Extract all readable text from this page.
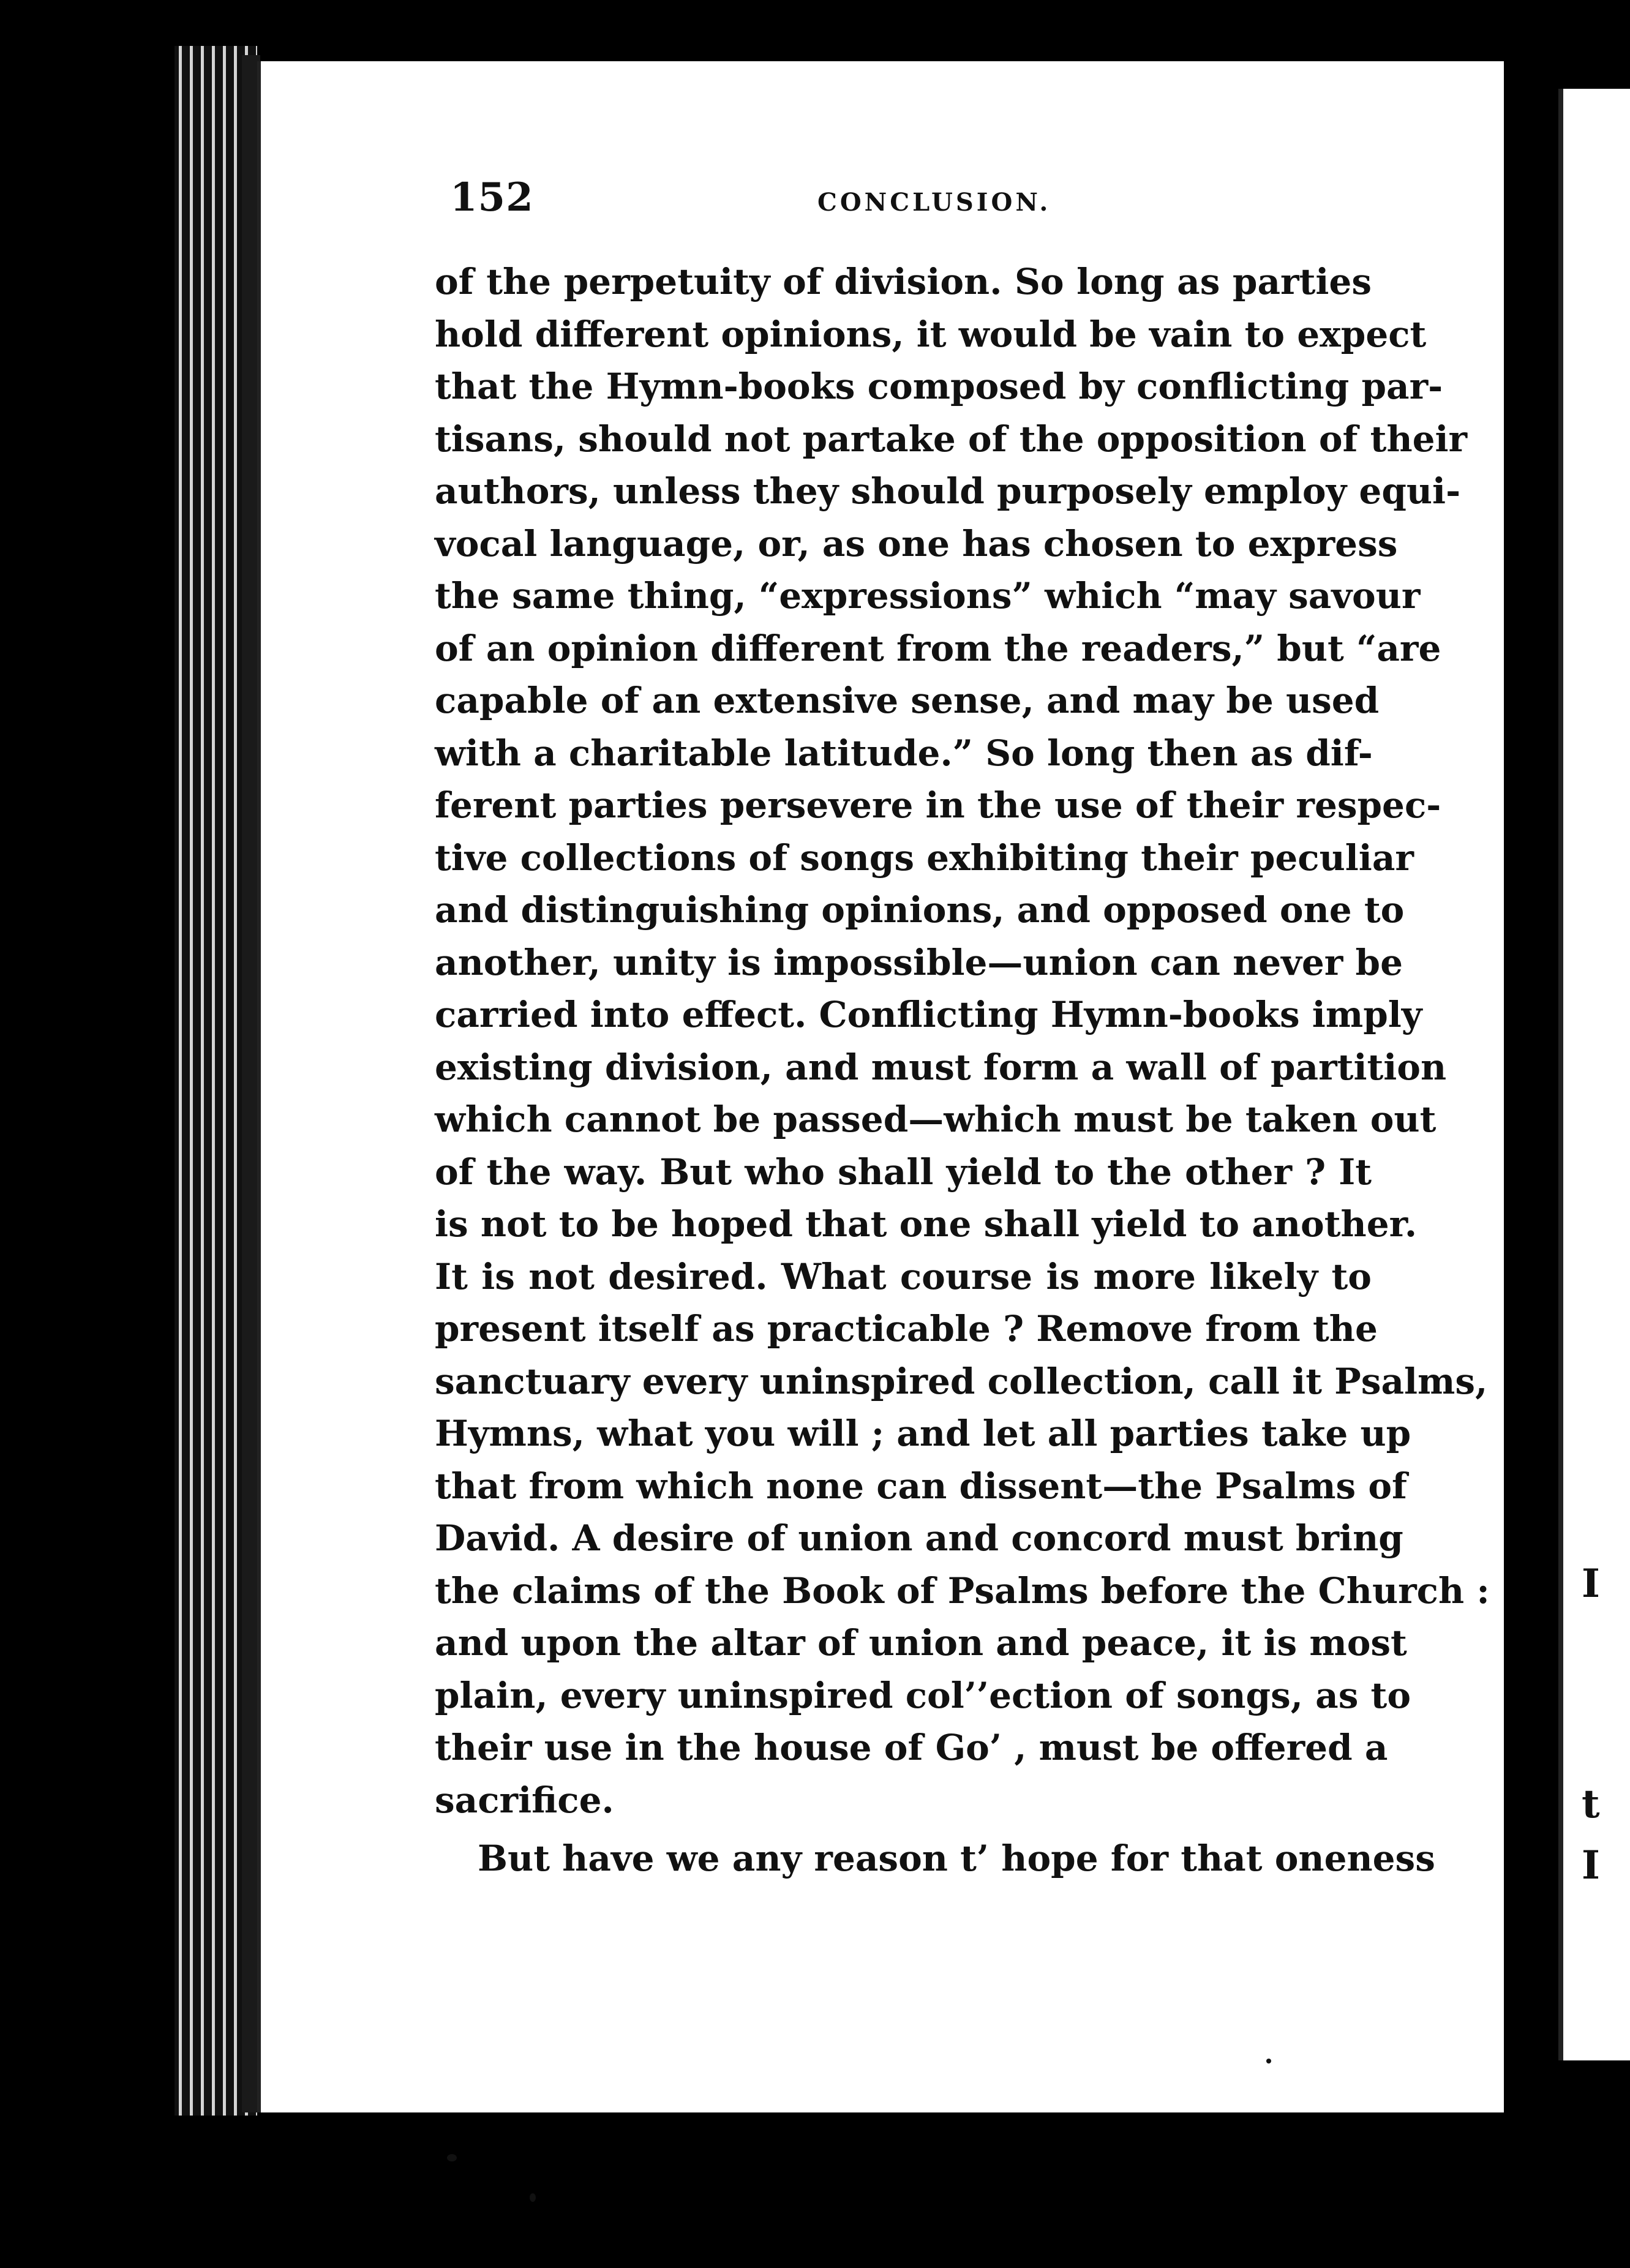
I
t
I
152	CONCLUSION.
of the perpetuity of division. So long as parties
hold different opinions, it would be vain to expect
that the Hymn-books composed by conflicting par-
tisans, should not partake of the opposition of their
authors, unless they should purposely employ equi-
vocal language, or, as one has chosen to express
the same thing, “expressions” which “may savour
of an opinion different from the readers,” but “are
capable of an extensive sense, and may be used
with a charitable latitude.” So long then as dif-
ferent parties persevere in the use of their respec-
tive collections of songs exhibiting their peculiar
and distinguishing opinions, and opposed one to
another, unity is impossible—union can never be
carried into effect. Conflicting Hymn-books imply
existing division, and must form a wall of partition
which cannot be passed—which must be taken out
of the way. But who shall yield to the other ? It
is not to be hoped that one shall yield to another.
It is not desired. What course is more likely to
present itself as practicable ? Remove from the
sanctuary every uninspired collection, call it Psalms,
Hymns, what you will ; and let all parties take up
that from which none can dissent—the Psalms of
David. A desire of union and concord must bring
the claims of the Book of Psalms before the Church :
and upon the altar of union and peace, it is most
plain, every uninspired col’’ection of songs, as to
their use in the house of Go’ , must be offered a
sacrifice.
But have we any reason t’ hope for that oneness
